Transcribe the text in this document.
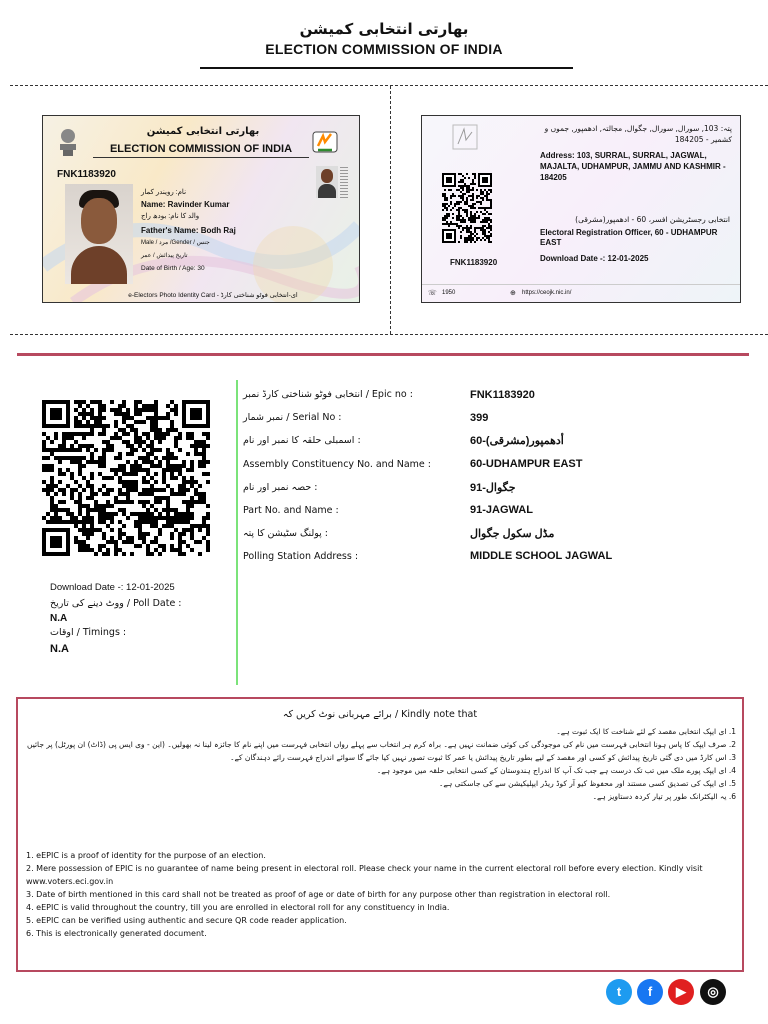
بھارتی انتخابی کمیشن
ELECTION COMMISSION OF INDIA
بھارتی انتخابی کمیشن
ELECTION COMMISSION OF INDIA
FNK1183920
نام: رویندر کمار
Name: Ravinder Kumar
والد کا نام: بودھ راج
Father's Name: Bodh Raj
Male / مرد /Gender / جنس
تاریخ پیدائش / عمر
Date of Birth / Age: 30
e-Electors Photo Identity Card - ای-انتخابی فوٹو شناختی کارڈ
پتہ: 103, سورال, سورال, جگوال, مجالتہ, ادھمپور, جموں و کشمیر - 184205
Address: 103, SURRAL, SURRAL, JAGWAL, MAJALTA, UDHAMPUR, JAMMU AND KASHMIR - 184205
FNK1183920
انتخابی رجسٹریشن افسر، 60 - ادھمپور(مشرقی)
Electoral Registration Officer, 60 - UDHAMPUR EAST
Download Date -: 12-01-2025
☏ 1950	⊕ https://ceojk.nic.in/
Download Date -: 12-01-2025
ووٹ دینے کی تاریخ / Poll Date :
N.A
اوقات / Timings :
N.A
انتخابی فوٹو شناختی کارڈ نمبر / Epic no :	FNK1183920
نمبر شمار / Serial No :	399
اسمبلی حلقہ کا نمبر اور نام :	60-أدھمپور(مشرقی)
Assembly Constituency No. and Name :	60-UDHAMPUR EAST
حصہ نمبر اور نام :	91-جگوال
Part No. and Name :	91-JAGWAL
پولنگ سٹیشن کا پتہ :	مڈل سکول جگوال
Polling Station Address :	MIDDLE SCHOOL JAGWAL
برائے مہربانی نوٹ کریں کہ / Kindly note that
1. ای ایپک انتخابی مقصد کے لئے شناخت کا ایک ثبوت ہے۔
2. صرف ایپک کا پاس ہونا انتخابی فہرست میں نام کی موجودگی کی کوئی ضمانت نہیں ہے۔ براہ کرم ہر انتخاب سے پہلے رواں انتخابی فہرست میں اپنے نام کا جائزہ لینا نہ بھولیں۔ (این - وی ایس پی (ڈاٹ) ان پورٹل) پر جائیں
3. اس کارڈ میں دی گئی تاریخ پیدائش کو کسی اور مقصد کے لیے بطور تاریخ پیدائش یا عمر کا ثبوت تصور نہیں کیا جائے گا سوائے اندراج فہرست رائے دہندگان کے۔
4. ای ایپک پورے ملک میں تب تک درست ہے جب تک آپ کا اندراج ہندوستان کے کسی انتخابی حلقہ میں موجود ہے۔
5. ای ایپک کی تصدیق کسی مستند اور محفوظ کیو آر کوڈ ریڈر ایپلیکیشن سے کی جاسکتی ہے۔
6. یہ الیکٹرانک طور پر تیار کردہ دستاویز ہے۔
1. eEPIC is a proof of identity for the purpose of an election.
2. Mere possession of EPIC is no guarantee of name being present in electoral roll. Please check your name in the current electoral roll before every election. Kindly visit www.voters.eci.gov.in
3. Date of birth mentioned in this card shall not be treated as proof of age or date of birth for any purpose other than registration in electoral roll.
4. eEPIC is valid throughout the country, till you are enrolled in electoral roll for any constituency in India.
5. eEPIC can be verified using authentic and secure QR code reader application.
6. This is electronically generated document.
t	f	▶	◎
